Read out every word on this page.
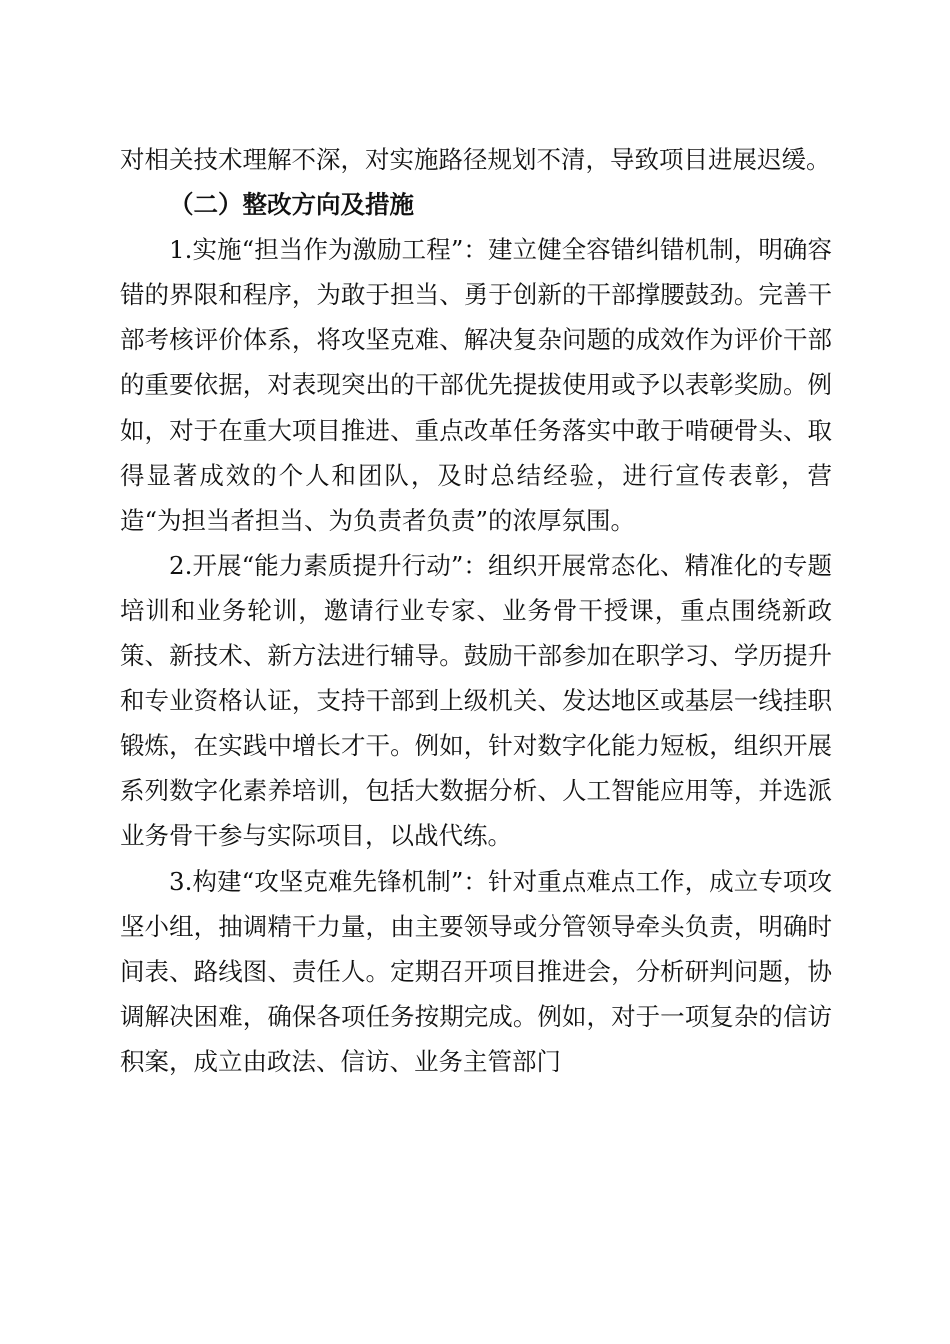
对相关技术理解不深，对实施路径规划不清，导致项目进展迟缓。

（二）整改方向及措施

1.实施“担当作为激励工程”：建立健全容错纠错机制，明确容错的界限和程序，为敢于担当、勇于创新的干部撑腰鼓劲。完善干部考核评价体系，将攻坚克难、解决复杂问题的成效作为评价干部的重要依据，对表现突出的干部优先提拔使用或予以表彰奖励。例如，对于在重大项目推进、重点改革任务落实中敢于啃硬骨头、取得显著成效的个人和团队，及时总结经验，进行宣传表彰，营造“为担当者担当、为负责者负责”的浓厚氛围。

2.开展“能力素质提升行动”：组织开展常态化、精准化的专题培训和业务轮训，邀请行业专家、业务骨干授课，重点围绕新政策、新技术、新方法进行辅导。鼓励干部参加在职学习、学历提升和专业资格认证，支持干部到上级机关、发达地区或基层一线挂职锻炼，在实践中增长才干。例如，针对数字化能力短板，组织开展系列数字化素养培训，包括大数据分析、人工智能应用等，并选派业务骨干参与实际项目，以战代练。

3.构建“攻坚克难先锋机制”：针对重点难点工作，成立专项攻坚小组，抽调精干力量，由主要领导或分管领导牵头负责，明确时间表、路线图、责任人。定期召开项目推进会，分析研判问题，协调解决困难，确保各项任务按期完成。例如，对于一项复杂的信访积案，成立由政法、信访、业务主管部门
